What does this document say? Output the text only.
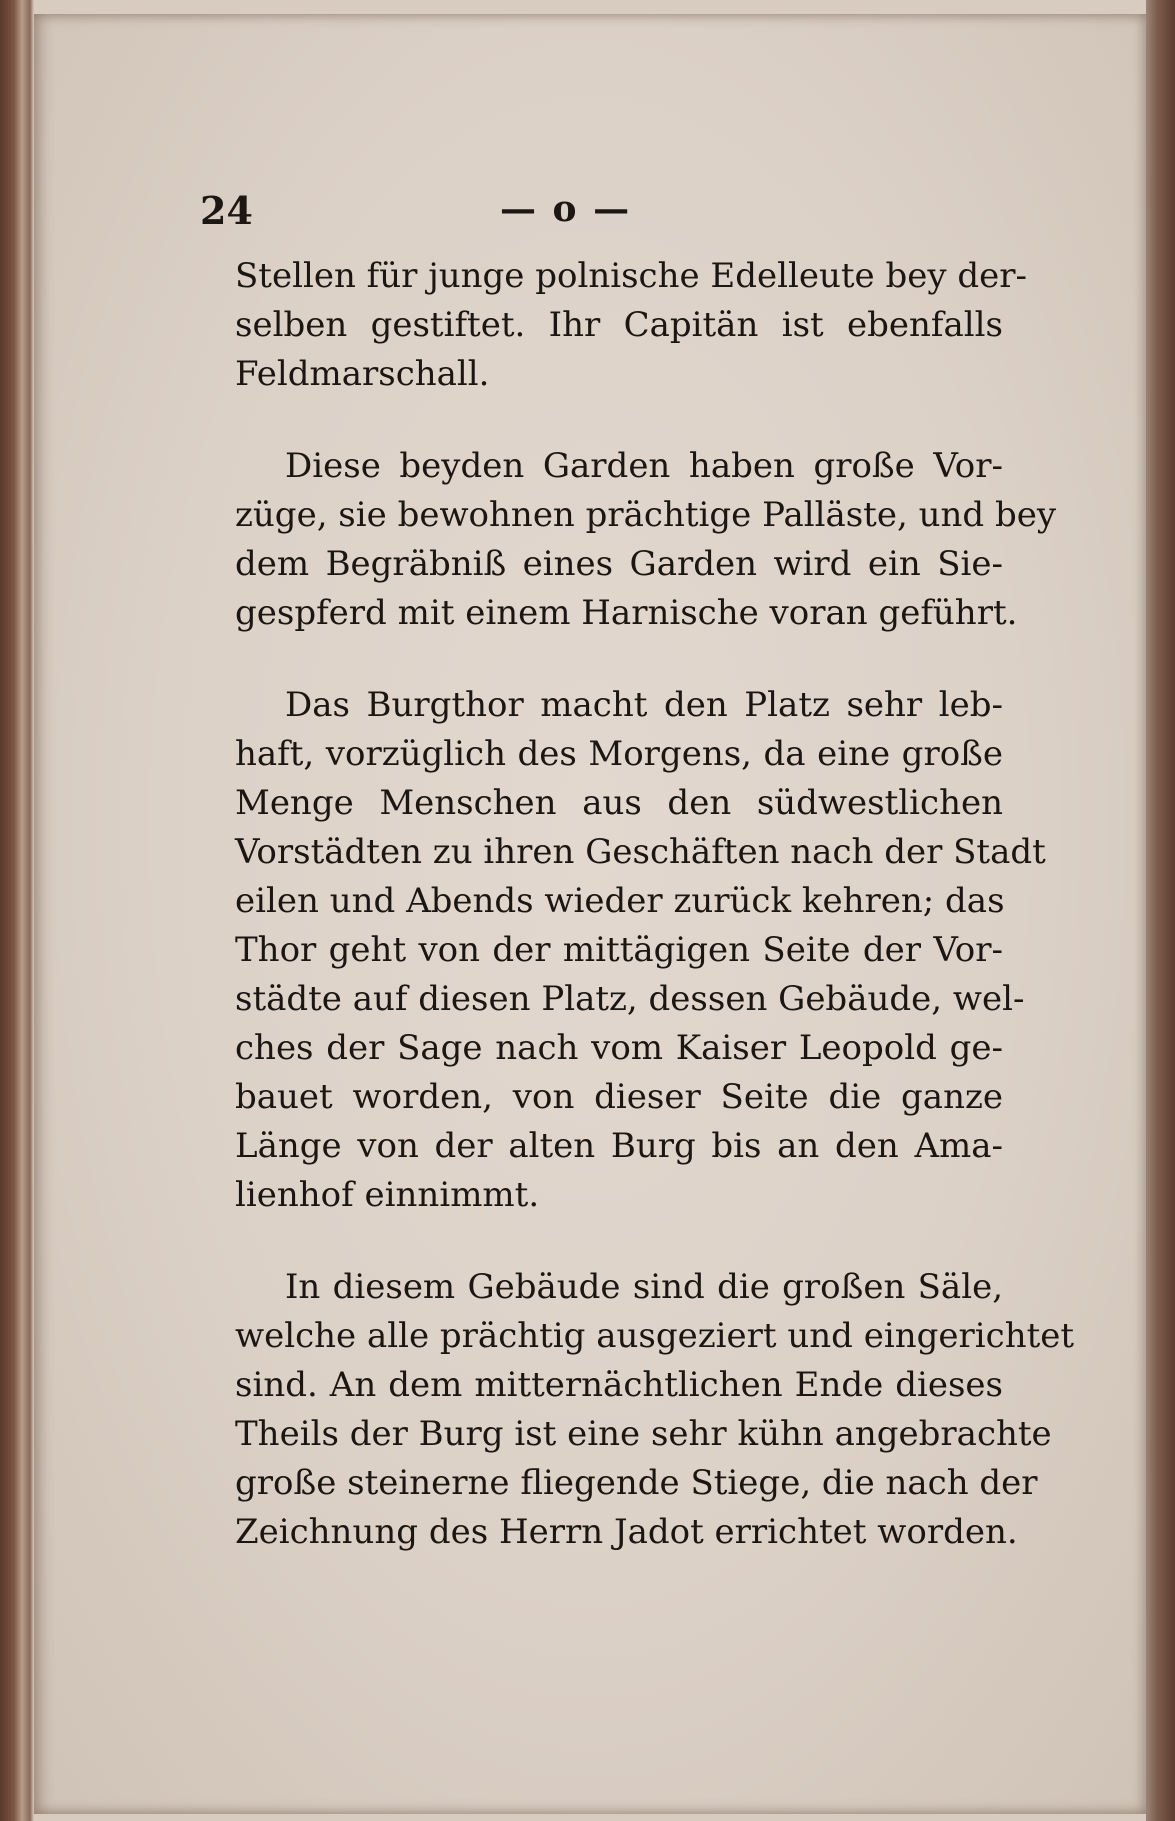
24	— o —
Stellen für junge polnische Edelleute bey der-
selben gestiftet. Ihr Capitän ist ebenfalls
Feldmarschall.
Diese beyden Garden haben große Vor-
züge, sie bewohnen prächtige Palläste, und bey
dem Begräbniß eines Garden wird ein Sie-
gespferd mit einem Harnische voran geführt.
Das Burgthor macht den Platz sehr leb-
haft, vorzüglich des Morgens, da eine große
Menge Menschen aus den südwestlichen
Vorstädten zu ihren Geschäften nach der Stadt
eilen und Abends wieder zurück kehren; das
Thor geht von der mittägigen Seite der Vor-
städte auf diesen Platz, dessen Gebäude, wel-
ches der Sage nach vom Kaiser Leopold ge-
bauet worden, von dieser Seite die ganze
Länge von der alten Burg bis an den Ama-
lienhof einnimmt.
In diesem Gebäude sind die großen Säle,
welche alle prächtig ausgeziert und eingerichtet
sind. An dem mitternächtlichen Ende dieses
Theils der Burg ist eine sehr kühn angebrachte
große steinerne fliegende Stiege, die nach der
Zeichnung des Herrn Jadot errichtet worden.
